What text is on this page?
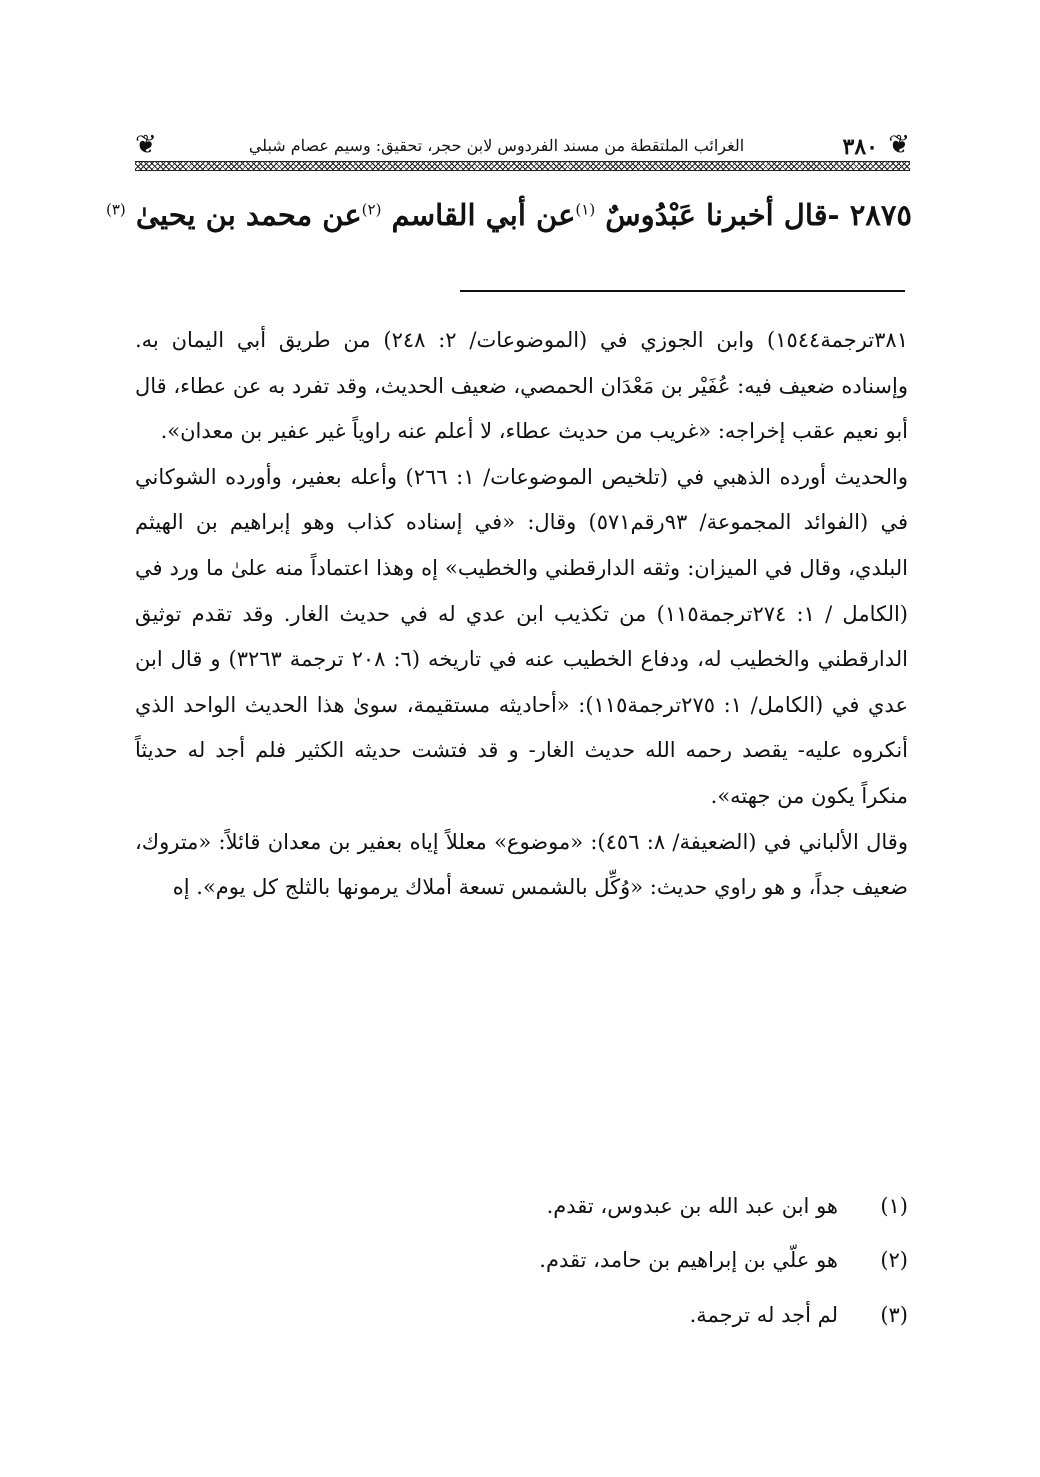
❦
٣٨٠
الغرائب الملتقطة من مسند الفردوس لابن حجر، تحقيق: وسيم عصام شبلي
❦
٢٨٧٥ -قال أخبرنا عَبْدُوسٌ $^{(١)}$عن أبي القاسم $^{(٢)}$عن محمد بن يحيىٰ $^{(٣)}$

٣٨١ترجمة١٥٤٤) وابن الجوزي في (الموضوعات/ ٢: ٢٤٨) من طريق أبي اليمان به. وإسناده ضعيف فيه: عُفَيْر بن مَعْدَان الحمصي، ضعيف الحديث، وقد تفرد به عن عطاء، قال أبو نعيم عقب إخراجه: «غريب من حديث عطاء، لا أعلم عنه راوياً غير عفير بن معدان».

والحديث أورده الذهبي في (تلخيص الموضوعات/ ١: ٢٦٦) وأعله بعفير، وأورده الشوكاني في (الفوائد المجموعة/ ٩٣رقم٥٧١) وقال: «في إسناده كذاب وهو إبراهيم بن الهيثم البلدي، وقال في الميزان: وثقه الدارقطني والخطيب» إه وهذا اعتماداً منه علىٰ ما ورد في (الكامل / ١: ٢٧٤ترجمة١١٥) من تكذيب ابن عدي له في حديث الغار. وقد تقدم توثيق الدارقطني والخطيب له، ودفاع الخطيب عنه في تاريخه (٦: ٢٠٨ ترجمة ٣٢٦٣) و قال ابن عدي في (الكامل/ ١: ٢٧٥ترجمة١١٥): «أحاديثه مستقيمة، سوىٰ هذا الحديث الواحد الذي أنكروه عليه- يقصد رحمه الله حديث الغار- و قد فتشت حديثه الكثير فلم أجد له حديثاً منكراً يكون من جهته».

وقال الألباني في (الضعيفة/ ٨: ٤٥٦): «موضوع» معللاً إياه بعفير بن معدان قائلاً: «متروك، ضعيف جداً، و هو راوي حديث: «وُكِّل بالشمس تسعة أملاك يرمونها بالثلج كل يوم». إه

(١)هو ابن عبد الله بن عبدوس، تقدم.
(٢)هو علّي بن إبراهيم بن حامد، تقدم.
(٣)لم أجد له ترجمة.
